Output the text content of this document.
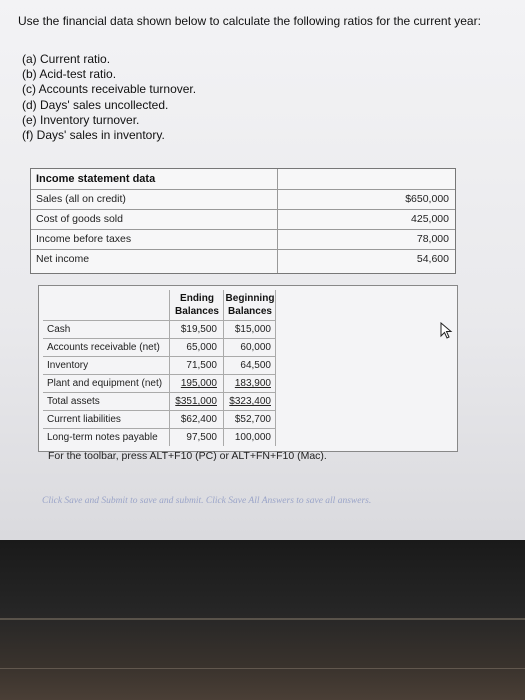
Use the financial data shown below to calculate the following ratios for the current year:
(a) Current ratio.
(b) Acid-test ratio.
(c) Accounts receivable turnover.
(d) Days' sales uncollected.
(e) Inventory turnover.
(f) Days' sales in inventory.
Income statement data
Sales (all on credit)	$650,000
Cost of goods sold	425,000
Income before taxes	78,000
Net income	54,600
Ending
Balances
Beginning
Balances
Cash	$19,500	$15,000
Accounts receivable (net)	65,000	60,000
Inventory	71,500	64,500
Plant and equipment (net)	195,000	183,900
Total assets	$351,000	$323,400
Current liabilities	$62,400	$52,700
Long-term notes payable	97,500	100,000
For the toolbar, press ALT+F10 (PC) or ALT+FN+F10 (Mac).
Click Save and Submit to save and submit. Click Save All Answers to save all answers.
